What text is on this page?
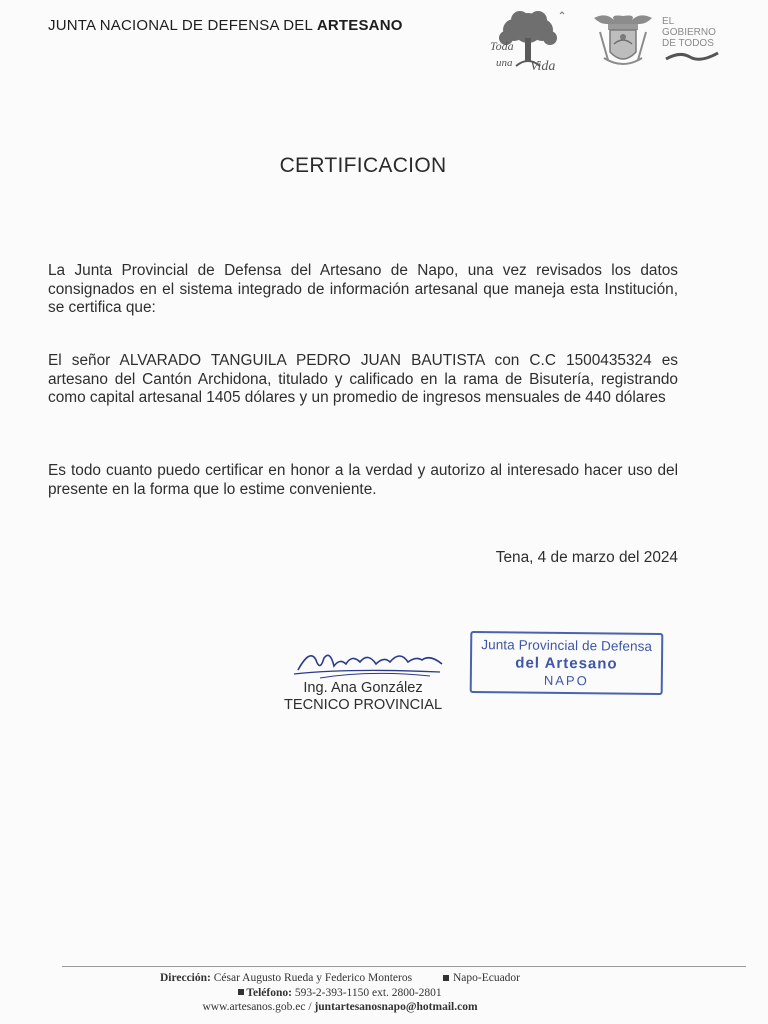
JUNTA NACIONAL DE DEFENSA DEL ARTESANO
Toda
una Vida
EL
GOBIERNO
DE TODOS
CERTIFICACION
La Junta Provincial de Defensa del Artesano de Napo, una vez revisados los datos consignados en el sistema integrado de información artesanal que maneja esta Institución, se certifica que:
El señor ALVARADO TANGUILA PEDRO JUAN BAUTISTA con C.C 1500435324 es artesano del Cantón Archidona, titulado y calificado en la rama de Bisutería, registrando como capital artesanal 1405 dólares y un promedio de ingresos mensuales de 440 dólares
Es todo cuanto puedo certificar en honor a la verdad y autorizo al interesado hacer uso del presente en la forma que lo estime conveniente.
Tena, 4 de marzo del 2024
Ing. Ana González
TECNICO PROVINCIAL
Junta Provincial de Defensa
del Artesano
NAPO
Dirección: César Augusto Rueda y Federico Monteros	Napo-Ecuador
Teléfono: 593-2-393-1150 ext. 2800-2801
www.artesanos.gob.ec / juntartesanosnapo@hotmail.com
